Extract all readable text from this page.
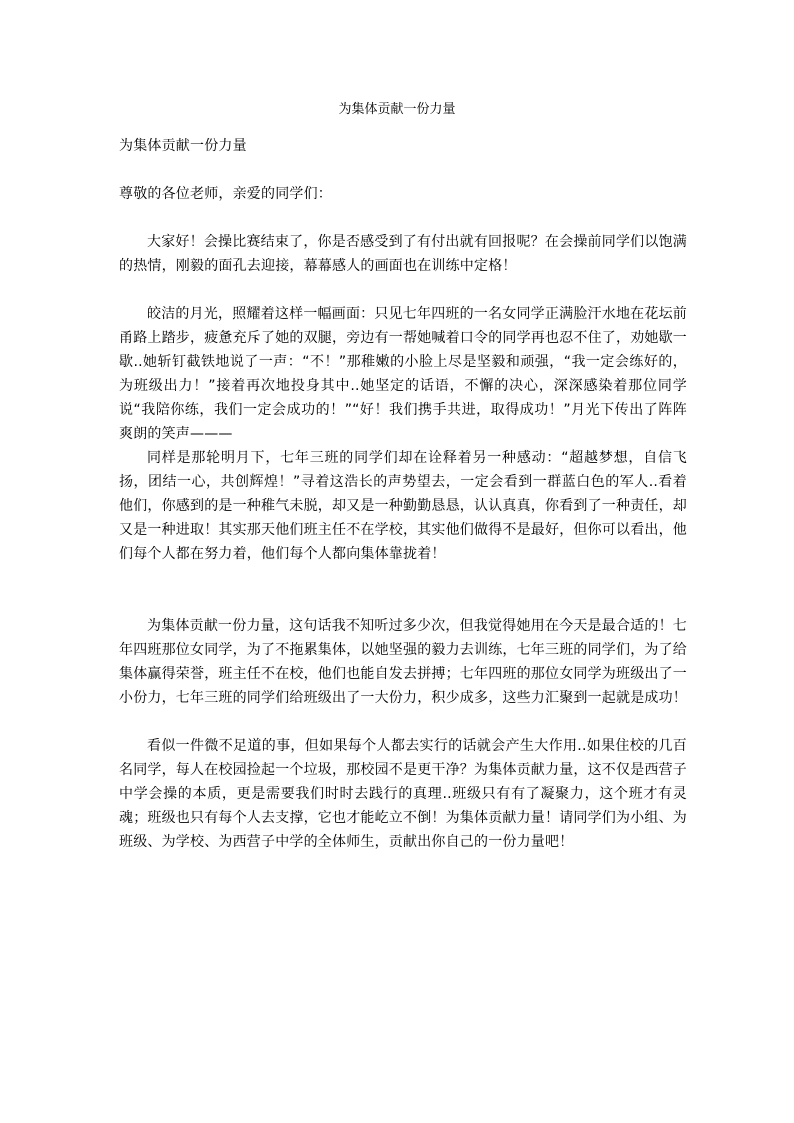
为集体贡献一份力量
为集体贡献一份力量
尊敬的各位老师，亲爱的同学们：
大家好！会操比赛结束了，你是否感受到了有付出就有回报呢？在会操前同学们以饱满的热情，刚毅的面孔去迎接，幕幕感人的画面也在训练中定格！
皎洁的月光，照耀着这样一幅画面：只见七年四班的一名女同学正满脸汗水地在花坛前甬路上踏步，疲惫充斥了她的双腿，旁边有一帮她喊着口令的同学再也忍不住了，劝她歇一歇..她斩钉截铁地说了一声：“不！”那稚嫩的小脸上尽是坚毅和顽强，“我一定会练好的，为班级出力！”接着再次地投身其中..她坚定的话语，不懈的决心，深深感染着那位同学说“我陪你练，我们一定会成功的！”“好！我们携手共进，取得成功！”月光下传出了阵阵爽朗的笑声———
同样是那轮明月下，七年三班的同学们却在诠释着另一种感动：“超越梦想，自信飞扬，团结一心，共创辉煌！”寻着这浩长的声势望去，一定会看到一群蓝白色的军人..看着他们，你感到的是一种稚气未脱，却又是一种勤勤恳恳，认认真真，你看到了一种责任，却又是一种进取！其实那天他们班主任不在学校，其实他们做得不是最好，但你可以看出，他们每个人都在努力着，他们每个人都向集体靠拢着！
为集体贡献一份力量，这句话我不知听过多少次，但我觉得她用在今天是最合适的！七年四班那位女同学，为了不拖累集体，以她坚强的毅力去训练，七年三班的同学们，为了给集体赢得荣誉，班主任不在校，他们也能自发去拼搏；七年四班的那位女同学为班级出了一小份力，七年三班的同学们给班级出了一大份力，积少成多，这些力汇聚到一起就是成功！
看似一件微不足道的事，但如果每个人都去实行的话就会产生大作用..如果住校的几百名同学，每人在校园捡起一个垃圾，那校园不是更干净？为集体贡献力量，这不仅是西营子中学会操的本质，更是需要我们时时去践行的真理..班级只有有了凝聚力，这个班才有灵魂；班级也只有每个人去支撑，它也才能屹立不倒！为集体贡献力量！请同学们为小组、为班级、为学校、为西营子中学的全体师生，贡献出你自己的一份力量吧！
